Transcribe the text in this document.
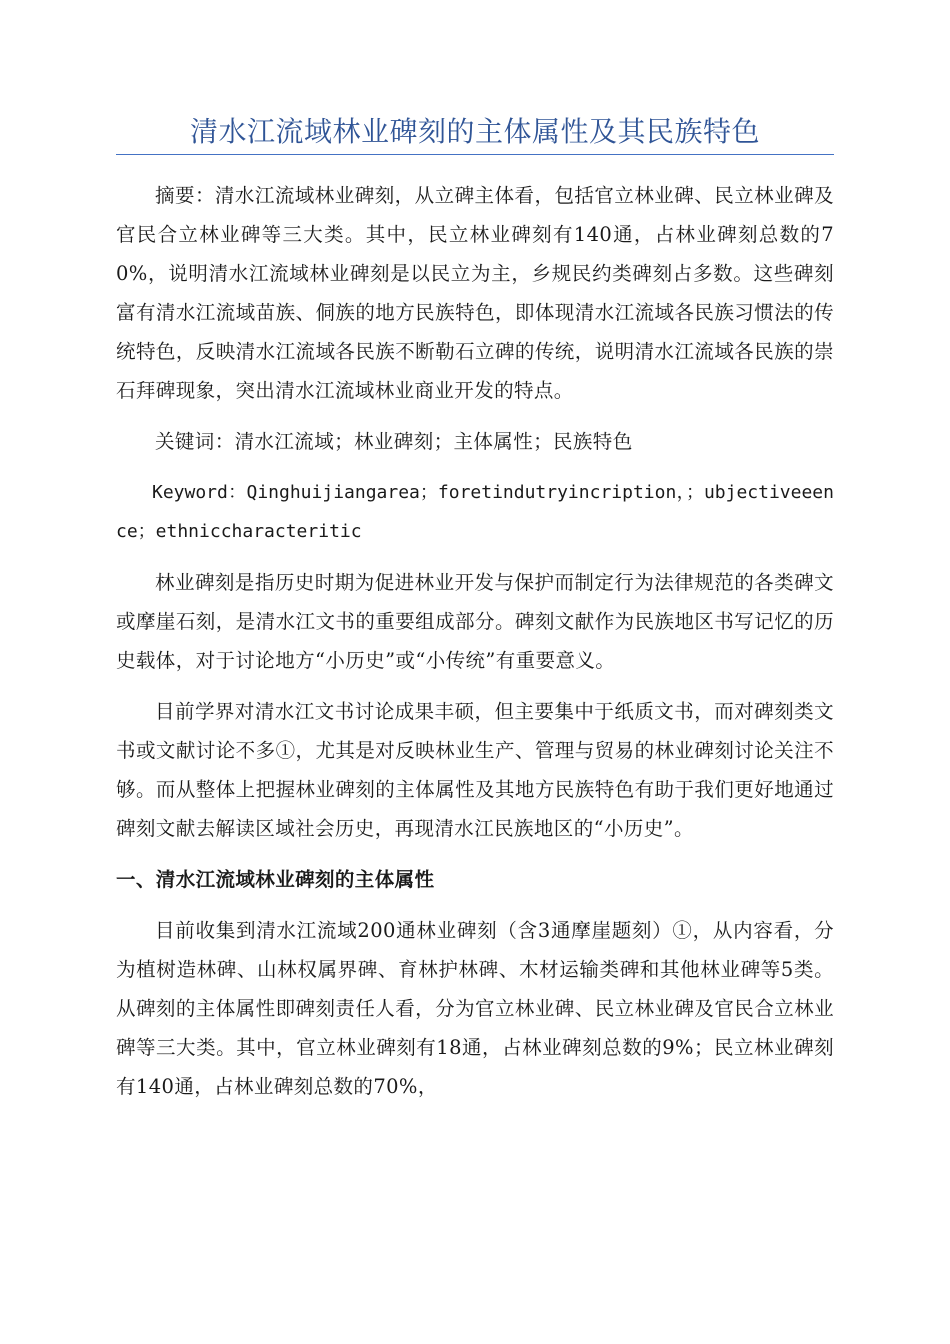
清水江流域林业碑刻的主体属性及其民族特色

摘要：清水江流域林业碑刻，从立碑主体看，包括官立林业碑、民立林业碑及官民合立林业碑等三大类。其中，民立林业碑刻有140通，占林业碑刻总数的70%，说明清水江流域林业碑刻是以民立为主，乡规民约类碑刻占多数。这些碑刻富有清水江流域苗族、侗族的地方民族特色，即体现清水江流域各民族习惯法的传统特色，反映清水江流域各民族不断勒石立碑的传统，说明清水江流域各民族的崇石拜碑现象，突出清水江流域林业商业开发的特点。

关键词：清水江流域；林业碑刻；主体属性；民族特色

Keyword：Qinghuijiangarea；foretindutryincription，；ubjectiveeence；ethniccharacteritic

林业碑刻是指历史时期为促进林业开发与保护而制定行为法律规范的各类碑文或摩崖石刻，是清水江文书的重要组成部分。碑刻文献作为民族地区书写记忆的历史载体，对于讨论地方“小历史”或“小传统”有重要意义。

目前学界对清水江文书讨论成果丰硕，但主要集中于纸质文书，而对碑刻类文书或文献讨论不多①，尤其是对反映林业生产、管理与贸易的林业碑刻讨论关注不够。而从整体上把握林业碑刻的主体属性及其地方民族特色有助于我们更好地通过碑刻文献去解读区域社会历史，再现清水江民族地区的“小历史”。

一、清水江流域林业碑刻的主体属性

目前收集到清水江流域200通林业碑刻（含3通摩崖题刻）①，从内容看，分为植树造林碑、山林权属界碑、育林护林碑、木材运输类碑和其他林业碑等5类。从碑刻的主体属性即碑刻责任人看，分为官立林业碑、民立林业碑及官民合立林业碑等三大类。其中，官立林业碑刻有18通，占林业碑刻总数的9%；民立林业碑刻有140通，占林业碑刻总数的70%，
